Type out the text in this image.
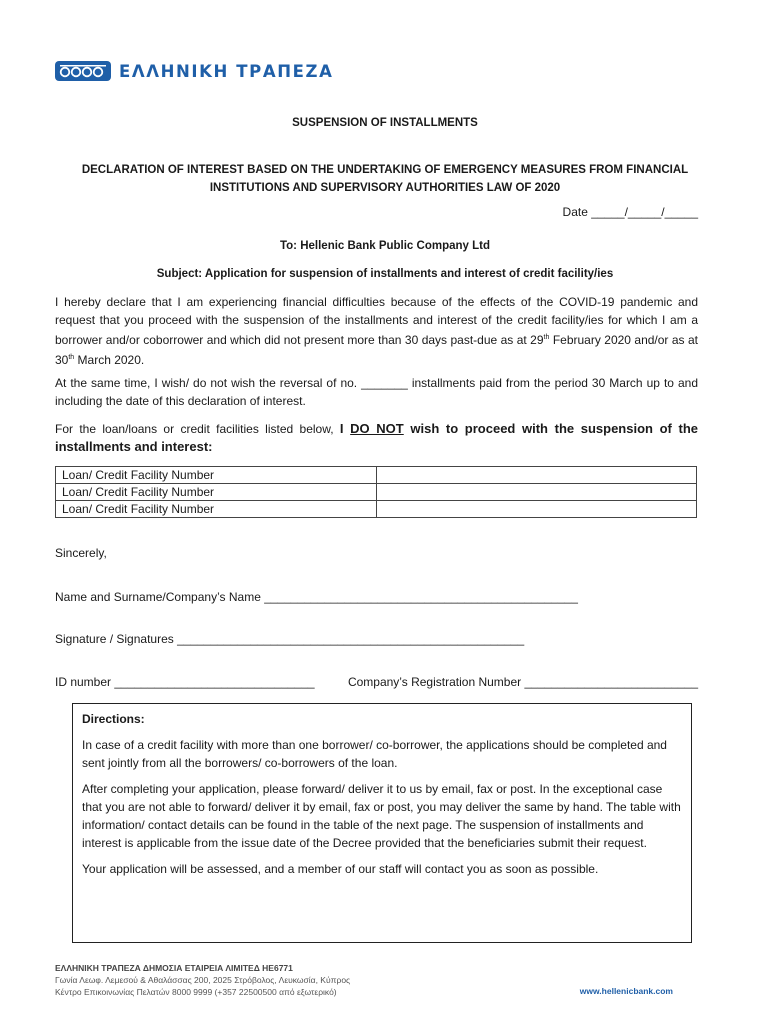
ΕΛΛΗΝΙΚΗ ΤΡΑΠΕΖΑ
SUSPENSION OF INSTALLMENTS
DECLARATION OF INTEREST BASED ON THE UNDERTAKING OF EMERGENCY MEASURES FROM FINANCIAL INSTITUTIONS AND SUPERVISORY AUTHORITIES LAW OF 2020
Date _____/_____/_____
To: Hellenic Bank Public Company Ltd
Subject: Application for suspension of installments and interest of credit facility/ies
I hereby declare that I am experiencing financial difficulties because of the effects of the COVID-19 pandemic and request that you proceed with the suspension of the installments and interest of the credit facility/ies for which I am a borrower and/or coborrower and which did not present more than 30 days past-due as at 29th February 2020 and/or as at 30th March 2020.
At the same time, I wish/ do not wish the reversal of no. _______ installments paid from the period 30 March up to and including the date of this declaration of interest.
For the loan/loans or credit facilities listed below, I DO NOT wish to proceed with the suspension of the installments and interest:
Loan/ Credit Facility Number	
Loan/ Credit Facility Number	
Loan/ Credit Facility Number	
Sincerely,
Name and Surname/Company’s Name _______________________________________________
Signature / Signatures ____________________________________________________
ID number ______________________________	Company’s Registration Number __________________________
Directions:

In case of a credit facility with more than one borrower/ co-borrower, the applications should be completed and sent jointly from all the borrowers/ co-borrowers of the loan.

After completing your application, please forward/ deliver it to us by email, fax or post. In the exceptional case that you are not able to forward/ deliver it by email, fax or post, you may deliver the same by hand. The table with information/ contact details can be found in the table of the next page. The suspension of installments and interest is applicable from the issue date of the Decree provided that the beneficiaries submit their request.

Your application will be assessed, and a member of our staff will contact you as soon as possible.

ΕΛΛΗΝΙΚΗ ΤΡΑΠΕΖΑ ΔΗΜΟΣΙΑ ΕΤΑΙΡΕΙΑ ΛΙΜΙΤΕΔ ΗΕ6771
Γωνία Λεωφ. Λεμεσού & Αθαλάσσας 200, 2025 Στρόβολος, Λευκωσία, Κύπρος
Κέντρο Επικοινωνίας Πελατών 8000 9999 (+357 22500500 από εξωτερικό)	www.hellenicbank.com
